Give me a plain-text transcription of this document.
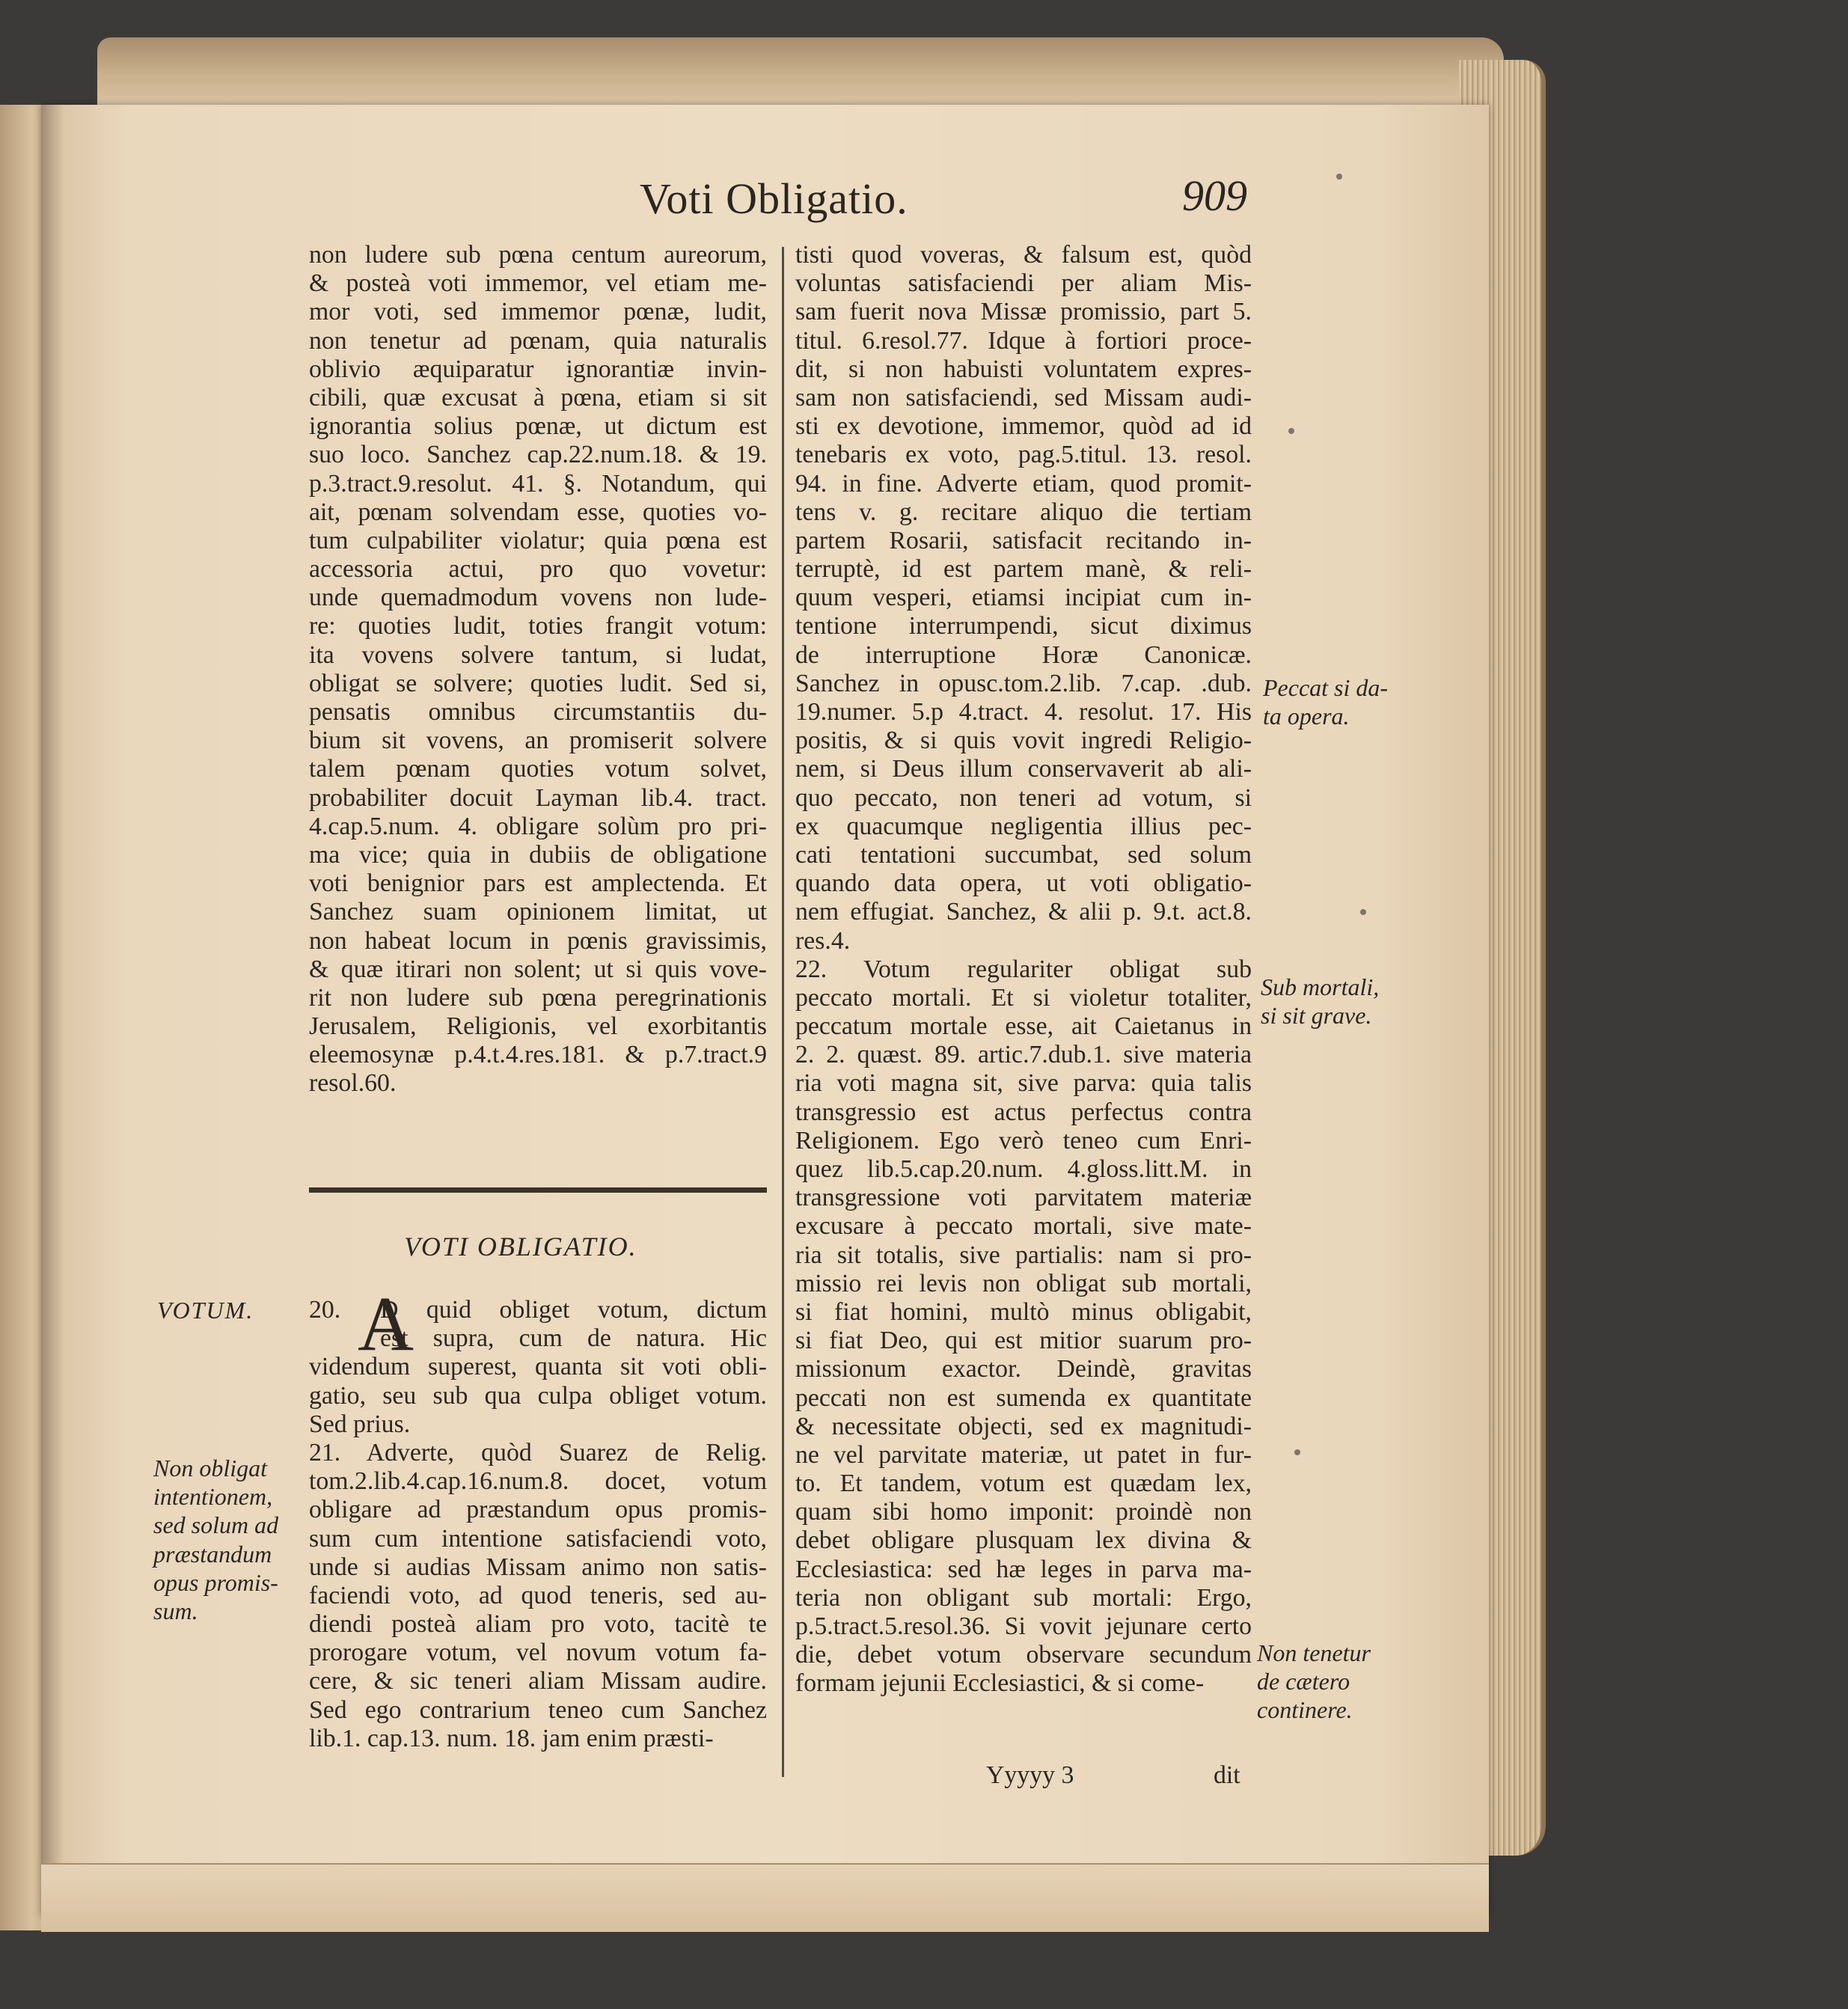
Voti Obligatio.	909
non ludere sub pœna centum aureorum,
& posteà voti immemor, vel etiam me-
mor voti, sed immemor pœnæ, ludit,
non tenetur ad pœnam, quia naturalis
oblivio æquiparatur ignorantiæ invin-
cibili, quæ excusat à pœna, etiam si sit
ignorantia solius pœnæ, ut dictum est
suo loco. Sanchez cap.22.num.18. & 19.
p.3.tract.9.resolut. 41. §. Notandum, qui
ait, pœnam solvendam esse, quoties vo-
tum culpabiliter violatur; quia pœna est
accessoria actui, pro quo vovetur:
unde quemadmodum vovens non lude-
re: quoties ludit, toties frangit votum:
ita vovens solvere tantum, si ludat,
obligat se solvere; quoties ludit. Sed si,
pensatis omnibus circumstantiis du-
bium sit vovens, an promiserit solvere
talem pœnam quoties votum solvet,
probabiliter docuit Layman lib.4. tract.
4.cap.5.num. 4. obligare solùm pro pri-
ma vice; quia in dubiis de obligatione
voti benignior pars est amplectenda. Et
Sanchez suam opinionem limitat, ut
non habeat locum in pœnis gravissimis,
& quæ itirari non solent; ut si quis vove-
rit non ludere sub pœna peregrinationis
Jerusalem, Religionis, vel exorbitantis
eleemosynæ p.4.t.4.res.181. & p.7.tract.9
resol.60.
VOTI OBLIGATIO.
20. A
D quid obliget votum, dictum
est supra, cum de natura. Hic
videndum superest, quanta sit voti obli-
gatio, seu sub qua culpa obliget votum.
Sed prius.
21. Adverte, quòd Suarez de Relig.
tom.2.lib.4.cap.16.num.8. docet, votum
obligare ad præstandum opus promis-
sum cum intentione satisfaciendi voto,
unde si audias Missam animo non satis-
faciendi voto, ad quod teneris, sed au-
diendi posteà aliam pro voto, tacitè te
prorogare votum, vel novum votum fa-
cere, & sic teneri aliam Missam audire.
Sed ego contrarium teneo cum Sanchez
lib.1. cap.13. num. 18. jam enim præsti-
tisti quod voveras, & falsum est, quòd
voluntas satisfaciendi per aliam Mis-
sam fuerit nova Missæ promissio, part 5.
titul. 6.resol.77. Idque à fortiori proce-
dit, si non habuisti voluntatem expres-
sam non satisfaciendi, sed Missam audi-
sti ex devotione, immemor, quòd ad id
tenebaris ex voto, pag.5.titul. 13. resol.
94. in fine. Adverte etiam, quod promit-
tens v. g. recitare aliquo die tertiam
partem Rosarii, satisfacit recitando in-
terruptè, id est partem manè, & reli-
quum vesperi, etiamsi incipiat cum in-
tentione interrumpendi, sicut diximus
de interruptione Horæ Canonicæ.
Sanchez in opusc.tom.2.lib. 7.cap. .dub.
19.numer. 5.p 4.tract. 4. resolut. 17. His
positis, & si quis vovit ingredi Religio-
nem, si Deus illum conservaverit ab ali-
quo peccato, non teneri ad votum, si
ex quacumque negligentia illius pec-
cati tentationi succumbat, sed solum
quando data opera, ut voti obligatio-
nem effugiat. Sanchez, & alii p. 9.t. act.8.
res.4.
22. Votum regulariter obligat sub
peccato mortali. Et si violetur totaliter,
peccatum mortale esse, ait Caietanus in
2. 2. quæst. 89. artic.7.dub.1. sive materia
ria voti magna sit, sive parva: quia talis
transgressio est actus perfectus contra
Religionem. Ego verò teneo cum Enri-
quez lib.5.cap.20.num. 4.gloss.litt.M. in
transgressione voti parvitatem materiæ
excusare à peccato mortali, sive mate-
ria sit totalis, sive partialis: nam si pro-
missio rei levis non obligat sub mortali,
si fiat homini, multò minus obligabit,
si fiat Deo, qui est mitior suarum pro-
missionum exactor. Deindè, gravitas
peccati non est sumenda ex quantitate
& necessitate objecti, sed ex magnitudi-
ne vel parvitate materiæ, ut patet in fur-
to. Et tandem, votum est quædam lex,
quam sibi homo imponit: proindè non
debet obligare plusquam lex divina &
Ecclesiastica: sed hæ leges in parva ma-
teria non obligant sub mortali: Ergo,
p.5.tract.5.resol.36. Si vovit jejunare certo
die, debet votum observare secundum
formam jejunii Ecclesiastici, & si come-
VOTUM.
Non obligat
intentionem,
sed solum ad
præstandum
opus promis-
sum.
Peccat si da-
ta opera.
Sub mortali,
si sit grave.
Non tenetur
de cætero
continere.
Yyyyy 3	dit
